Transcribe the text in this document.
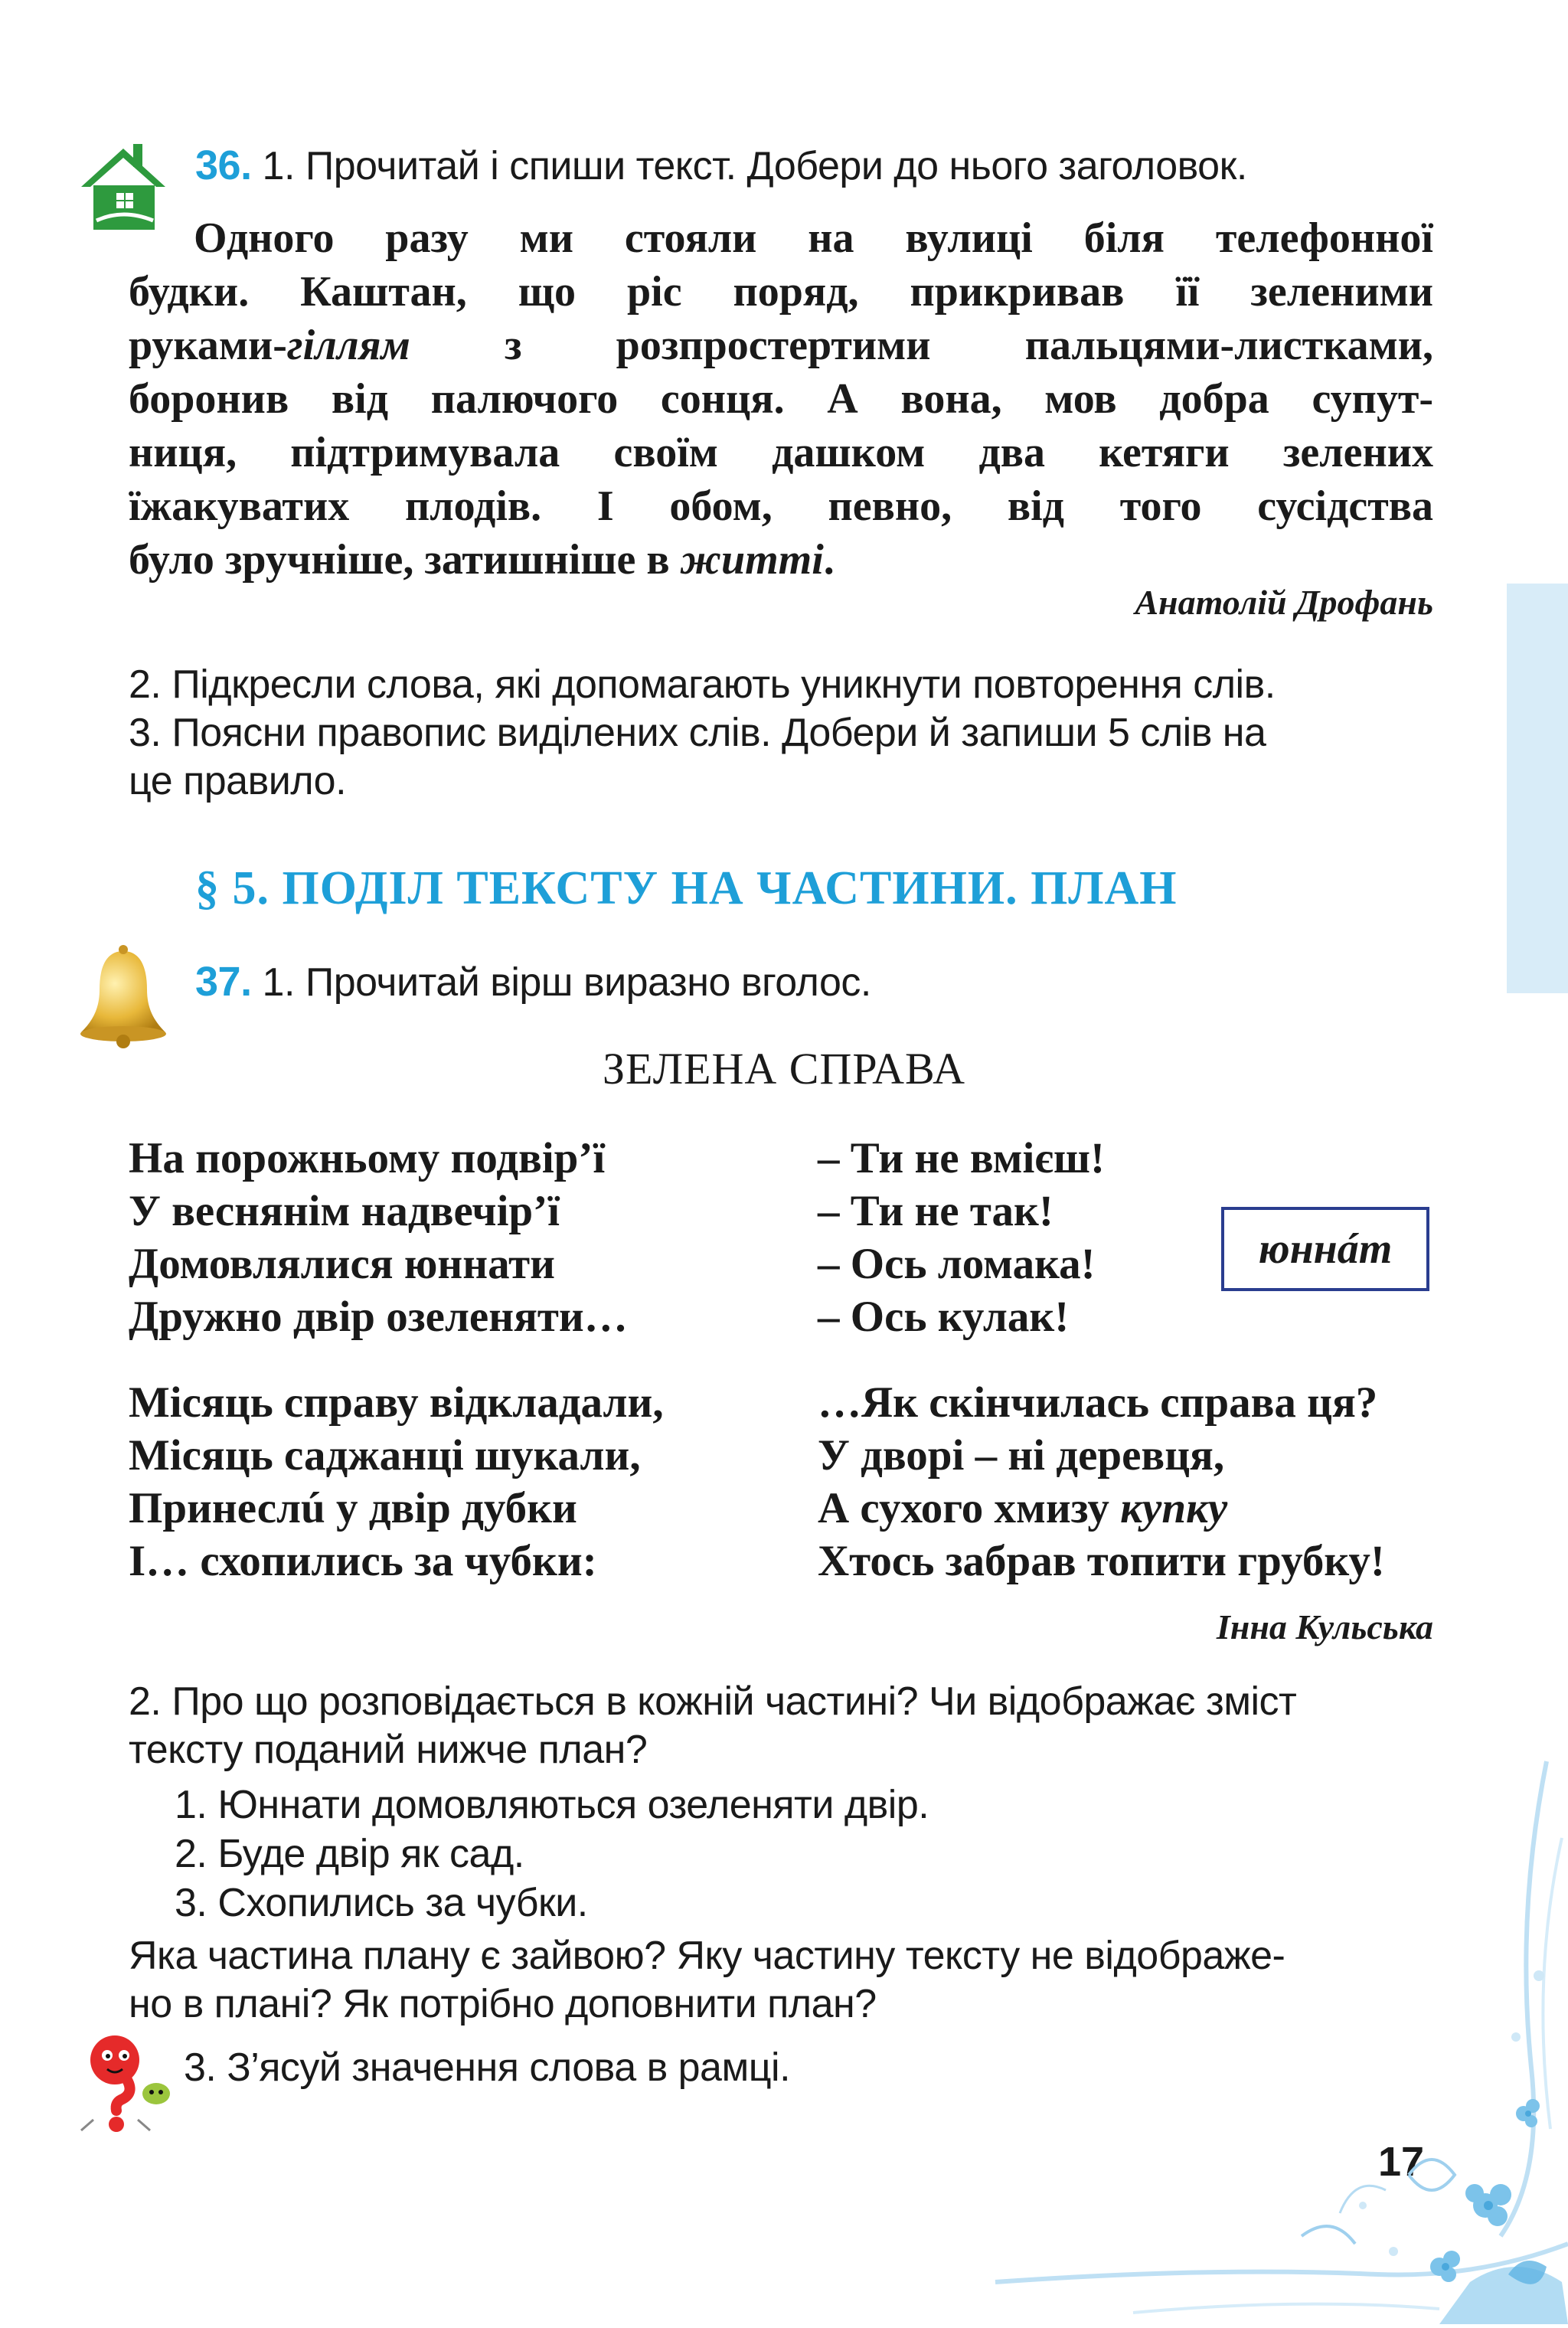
36. 1. Прочитай і спиши текст. Добери до нього заголовок.
Одного разу ми стояли на вулиці біля телефонної
будки. Каштан, що ріс поряд, прикривав її зеленими
руками-гіллям з розпростертими пальцями-листками,
боронив від палючого сонця. А вона, мов добра супут-
ниця, підтримувала своїм дашком два кетяги зелених
їжакуватих плодів. І обом, певно, від того сусідства
було зручніше, затишніше в житті.
Анатолій Дрофань
2. Підкресли слова, які допомагають уникнути повторення слів.
3. Поясни правопис виділених слів. Добери й запиши 5 слів на
це правило.
§ 5. ПОДІЛ ТЕКСТУ НА ЧАСТИНИ. ПЛАН
37. 1. Прочитай вірш виразно вголос.
ЗЕЛЕНА СПРАВА
На порожньому подвір’ї
У веснянім надвечір’ї
Домовлялися юннати
Дружно двір озеленяти…
– Ти не вмієш!
– Ти не так!
– Ось ломака!
– Ось кулак!
юннáт
Місяць справу відкладали,
Місяць саджанці шукали,
Принеслú у двір дубки
І… схопились за чубки:
…Як скінчилась справа ця?
У дворі – ні деревця,
А сухого хмизу купку
Хтось забрав топити грубку!
Інна Кульська
2. Про що розповідається в кожній частині? Чи відображає зміст
тексту поданий нижче план?
1. Юннати домовляються озеленяти двір.
2. Буде двір як сад.
3. Схопились за чубки.
Яка частина плану є зайвою? Яку частину тексту не відображе-
но в плані? Як потрібно доповнити план?
3. З’ясуй значення слова в рамці.
17
